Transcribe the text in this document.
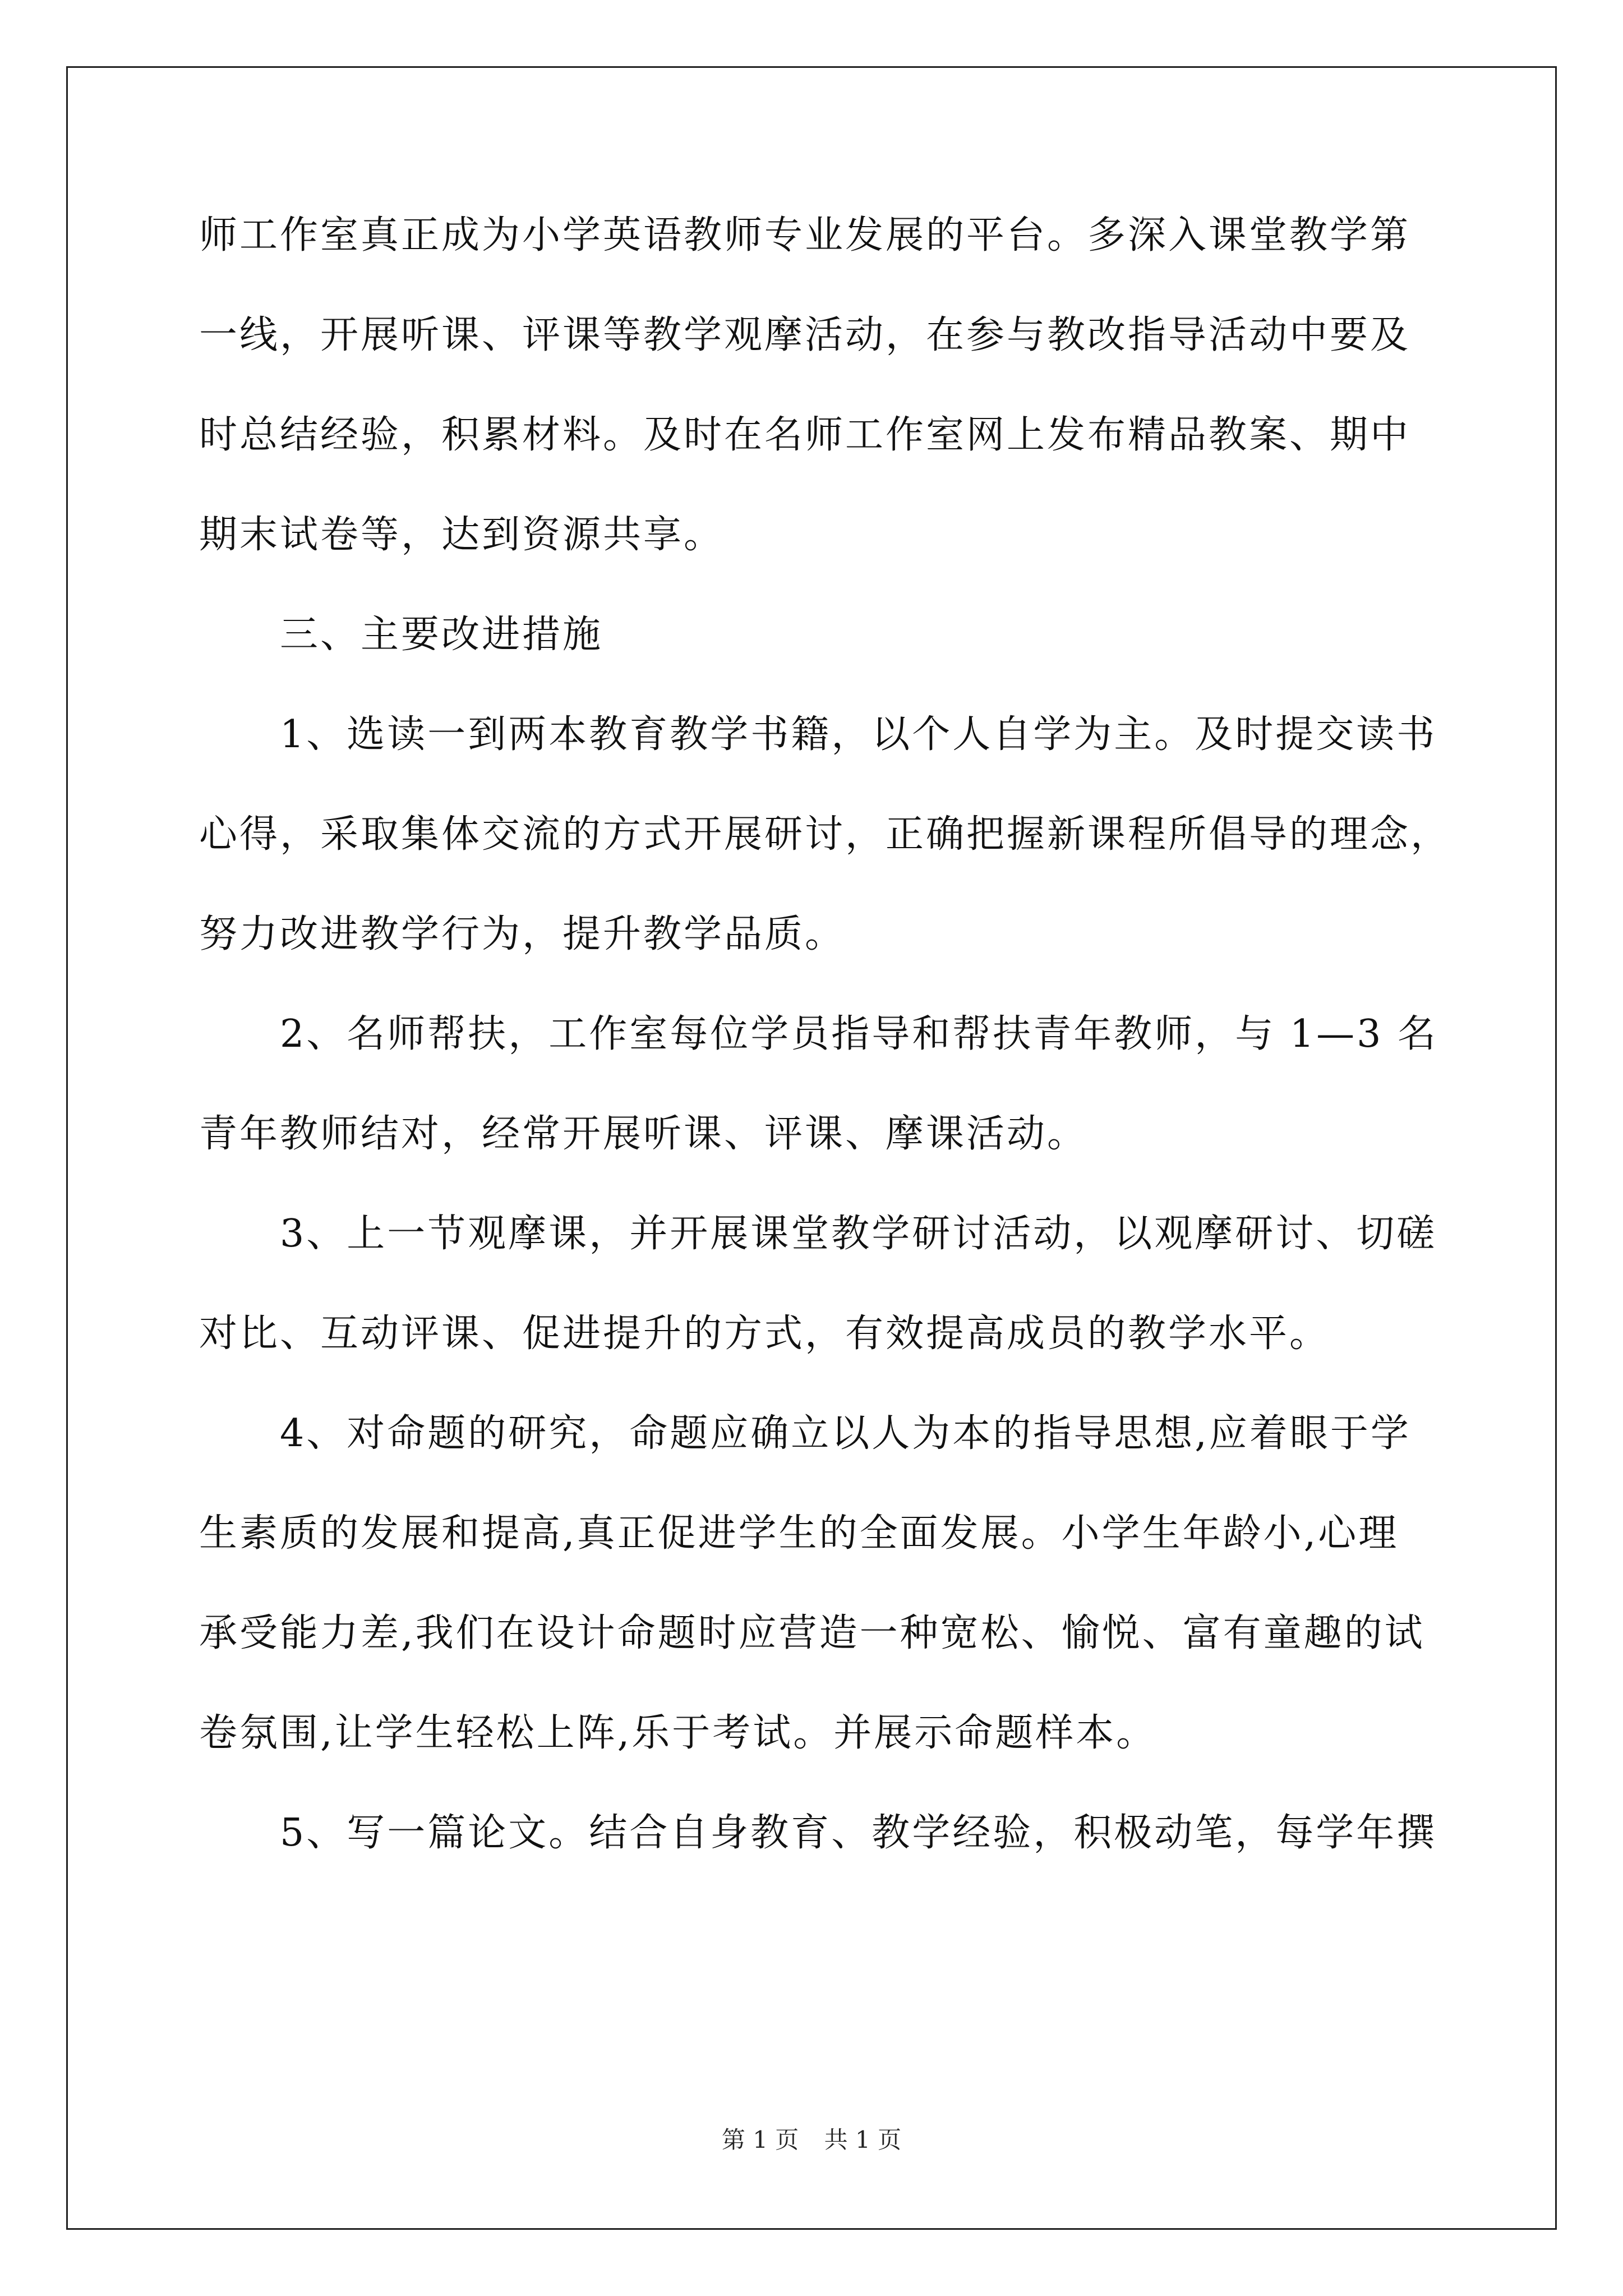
师工作室真正成为小学英语教师专业发展的平台。多深入课堂教学第
一线，开展听课、评课等教学观摩活动，在参与教改指导活动中要及
时总结经验，积累材料。及时在名师工作室网上发布精品教案、期中
期末试卷等，达到资源共享。
三、主要改进措施
1、选读一到两本教育教学书籍，以个人自学为主。及时提交读书
心得，采取集体交流的方式开展研讨，正确把握新课程所倡导的理念，
努力改进教学行为，提升教学品质。
2、名师帮扶，工作室每位学员指导和帮扶青年教师，与 1—3 名
青年教师结对，经常开展听课、评课、摩课活动。
3、上一节观摩课，并开展课堂教学研讨活动，以观摩研讨、切磋
对比、互动评课、促进提升的方式，有效提高成员的教学水平。
4、对命题的研究，命题应确立以人为本的指导思想,应着眼于学
生素质的发展和提高,真正促进学生的全面发展。小学生年龄小,心理
承受能力差,我们在设计命题时应营造一种宽松、愉悦、富有童趣的试
卷氛围,让学生轻松上阵,乐于考试。并展示命题样本。
5、写一篇论文。结合自身教育、教学经验，积极动笔，每学年撰
第 1 页 共 1 页
